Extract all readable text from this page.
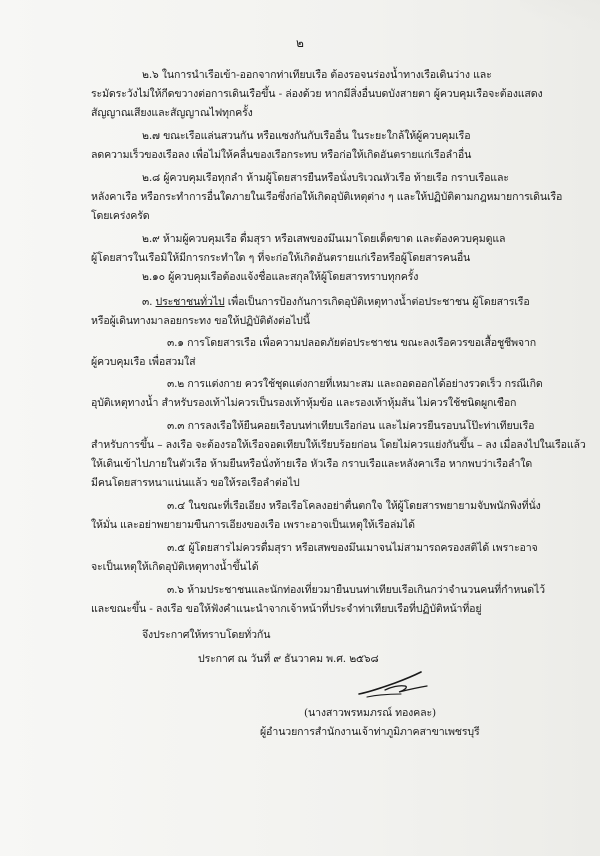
๒
๒.๖ ในการนำเรือเข้า-ออกจากท่าเทียบเรือ ต้องรอจนร่องน้ำทางเรือเดินว่าง และ
ระมัดระวังไม่ให้กีดขวางต่อการเดินเรือขึ้น - ล่องด้วย หากมีสิ่งอื่นบดบังสายตา ผู้ควบคุมเรือจะต้องแสดง
สัญญาณเสียงและสัญญาณไฟทุกครั้ง
๒.๗ ขณะเรือแล่นสวนกัน หรือแซงกันกับเรืออื่น ในระยะใกล้ให้ผู้ควบคุมเรือ
ลดความเร็วของเรือลง เพื่อไม่ให้คลื่นของเรือกระทบ หรือก่อให้เกิดอันตรายแก่เรือลำอื่น
๒.๘ ผู้ควบคุมเรือทุกลำ ห้ามผู้โดยสารยืนหรือนั่งบริเวณหัวเรือ ท้ายเรือ กราบเรือและ
หลังคาเรือ หรือกระทำการอื่นใดภายในเรือซึ่งก่อให้เกิดอุบัติเหตุต่าง ๆ และให้ปฏิบัติตามกฎหมายการเดินเรือ
โดยเคร่งครัด
๒.๙ ห้ามผู้ควบคุมเรือ ดื่มสุรา หรือเสพของมึนเมาโดยเด็ดขาด และต้องควบคุมดูแล
ผู้โดยสารในเรือมิให้มีการกระทำใด ๆ ที่จะก่อให้เกิดอันตรายแก่เรือหรือผู้โดยสารคนอื่น
๒.๑๐ ผู้ควบคุมเรือต้องแจ้งชื่อและสกุลให้ผู้โดยสารทราบทุกครั้ง
๓. ประชาชนทั่วไป เพื่อเป็นการป้องกันการเกิดอุบัติเหตุทางน้ำต่อประชาชน ผู้โดยสารเรือ
หรือผู้เดินทางมาลอยกระทง ขอให้ปฏิบัติดังต่อไปนี้
๓.๑ การโดยสารเรือ เพื่อความปลอดภัยต่อประชาชน ขณะลงเรือควรขอเสื้อชูชีพจาก
ผู้ควบคุมเรือ เพื่อสวมใส่
๓.๒ การแต่งกาย ควรใช้ชุดแต่งกายที่เหมาะสม และถอดออกได้อย่างรวดเร็ว กรณีเกิด
อุบัติเหตุทางน้ำ สำหรับรองเท้าไม่ควรเป็นรองเท้าหุ้มข้อ และรองเท้าหุ้มส้น ไม่ควรใช้ชนิดผูกเชือก
๓.๓ การลงเรือให้ยืนคอยเรือบนท่าเทียบเรือก่อน และไม่ควรยืนรอบนโป๊ะท่าเทียบเรือ
สำหรับการขึ้น – ลงเรือ จะต้องรอให้เรือจอดเทียบให้เรียบร้อยก่อน โดยไม่ควรแย่งกันขึ้น – ลง เมื่อลงไปในเรือแล้ว
ให้เดินเข้าไปภายในตัวเรือ ห้ามยืนหรือนั่งท้ายเรือ หัวเรือ กราบเรือและหลังคาเรือ หากพบว่าเรือลำใด
มีคนโดยสารหนาแน่นแล้ว ขอให้รอเรือลำต่อไป
๓.๔ ในขณะที่เรือเอียง หรือเรือโคลงอย่าตื่นตกใจ ให้ผู้โดยสารพยายามจับพนักพิงที่นั่ง
ให้มั่น และอย่าพยายามขืนการเอียงของเรือ เพราะอาจเป็นเหตุให้เรือล่มได้
๓.๕ ผู้โดยสารไม่ควรดื่มสุรา หรือเสพของมึนเมาจนไม่สามารถครองสติได้ เพราะอาจ
จะเป็นเหตุให้เกิดอุบัติเหตุทางน้ำขึ้นได้
๓.๖ ห้ามประชาชนและนักท่องเที่ยวมายืนบนท่าเทียบเรือเกินกว่าจำนวนคนที่กำหนดไว้
และขณะขึ้น - ลงเรือ ขอให้ฟังคำแนะนำจากเจ้าหน้าที่ประจำท่าเทียบเรือที่ปฏิบัติหน้าที่อยู่
จึงประกาศให้ทราบโดยทั่วกัน
ประกาศ ณ วันที่ ๙ ธันวาคม พ.ศ. ๒๕๖๘
(นางสาวพรหมภรณ์ ทองคละ)
ผู้อำนวยการสำนักงานเจ้าท่าภูมิภาคสาขาเพชรบุรี
